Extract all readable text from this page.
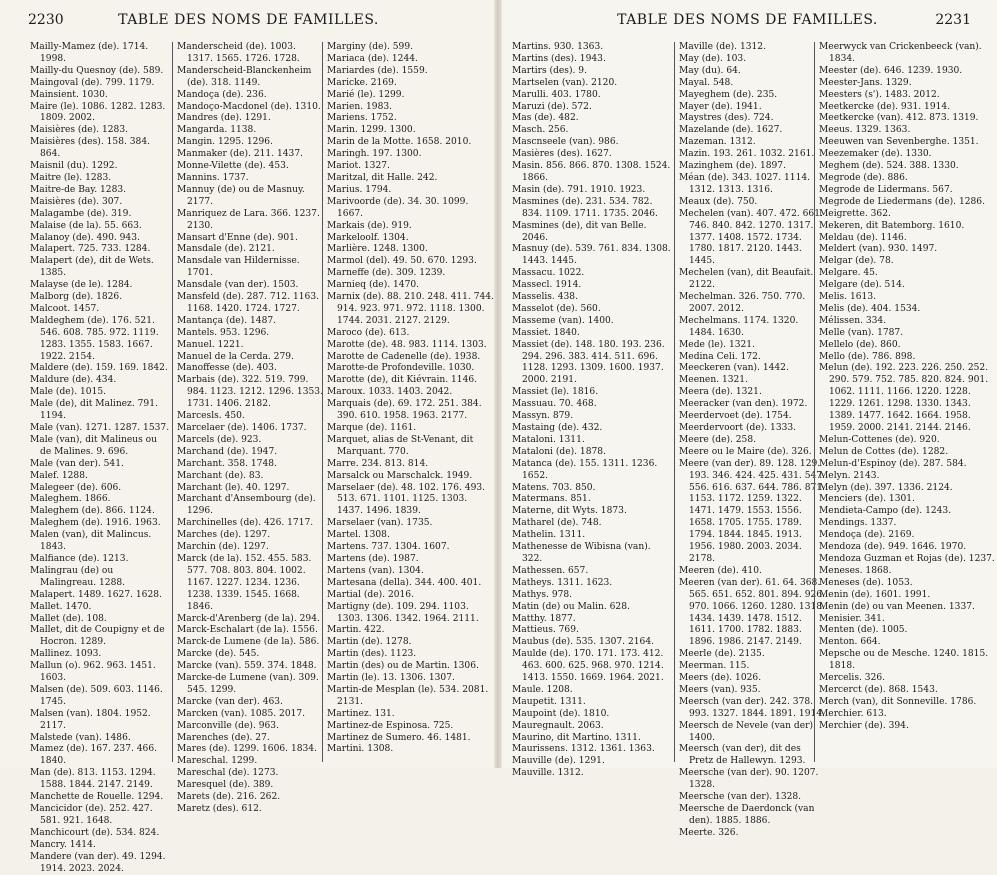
2230	TABLE DES NOMS DE FAMILLES.
Mailly-Mamez (de). 1714. 1998.
Mailly-du Quesnoy (de). 589.
Maingoval (de). 799. 1179.
Mainsient. 1030.
Maire (le). 1086. 1282. 1283. 1809. 2002.
Maisières (de). 1283.
Maisières (des). 158. 384. 864.
Maisnil (du). 1292.
Maitre (le). 1283.
Maitre-de Bay. 1283.
Maisières (de). 307.
Malagambe (de). 319.
Malaise (de la). 55. 663.
Malanoy (de). 490. 943.
Malapert. 725. 733. 1284.
Malapert (de), dit de Wets. 1385.
Malayse (de le). 1284.
Malborg (de). 1826.
Malcoot. 1457.
Maldeghem (de). 176. 521. 546. 608. 785. 972. 1119. 1283. 1355. 1583. 1667. 1922. 2154.
Maldere (de). 159. 169. 1842.
Maldure (de). 434.
Male (de). 1015.
Male (de), dit Malinez. 791. 1194.
Male (van). 1271. 1287. 1537.
Male (van), dit Malineus ou de Malines. 9. 696.
Male (van der). 541.
Malef. 1288.
Malegeer (de). 606.
Maleghem. 1866.
Maleghem (de). 866. 1124.
Maleghem (de). 1916. 1963.
Malen (van), dit Malincus. 1843.
Malfiance (de). 1213.
Malingrau (de) ou Malingreau. 1288.
Malapert. 1489. 1627. 1628.
Mallet. 1470.
Mallet (de). 108.
Mallet, dit de Coupigny et de Hocron. 1289.
Mallinez. 1093.
Mallun (o). 962. 963. 1451. 1603.
Malsen (de). 509. 603. 1146. 1745.
Malsen (van). 1804. 1952. 2117.
Malstede (van). 1486.
Mamez (de). 167. 237. 466. 1840.
Man (de). 813. 1153. 1294. 1588. 1844. 2147. 2149.
Manchette de Rouelle. 1294.
Mancicidor (de). 252. 427. 581. 921. 1648.
Manchicourt (de). 534. 824.
Mancry. 1414.
Mandere (van der). 49. 1294. 1914. 2023. 2024.
Manderscheid (de). 1003. 1317. 1565. 1726. 1728.
Manderscheid-Blanckenheim (de). 318. 1149.
Mandoça (de). 236.
Mandoço-Macdonel (de). 1310.
Mandres (de). 1291.
Mangarda. 1138.
Mangin. 1295. 1296.
Manmaker (de). 211. 1437.
Monne-Vilette (de). 453.
Mannins. 1737.
Mannuy (de) ou de Masnuy. 2177.
Manriquez de Lara. 366. 1237. 2130.
Mansart d'Enne (de). 901.
Mansdale (de). 2121.
Mansdale van Hildernisse. 1701.
Mansdale (van der). 1503.
Mansfeld (de). 287. 712. 1163. 1168. 1420. 1724. 1727.
Mantança (de). 1487.
Mantels. 953. 1296.
Manuel. 1221.
Manuel de la Cerda. 279.
Manoffesse (de). 403.
Marbais (de). 322. 519. 799. 984. 1123. 1212. 1296. 1353. 1731. 1406. 2182.
Marcesls. 450.
Marcelaer (de). 1406. 1737.
Marcels (de). 923.
Marchand (de). 1947.
Marchant. 358. 1748.
Marchant (de). 83.
Marchant (le). 40. 1297.
Marchant d'Ansembourg (de). 1296.
Marchinelles (de). 426. 1717.
Marches (de). 1297.
Marchin (de). 1297.
Marck (de la). 152. 455. 583. 577. 708. 803. 804. 1002. 1167. 1227. 1234. 1236. 1238. 1339. 1545. 1668. 1846.
Marck-d'Arenberg (de la). 294.
Marck-Eschalart (de la). 1556.
Marck-de Lumene (de la). 586.
Marcke (de). 545.
Marcke (van). 559. 374. 1848.
Marcke-de Lumene (van). 309. 545. 1299.
Marcke (van der). 463.
Marcken (van). 1085. 2017.
Marconville (de). 963.
Marenches (de). 27.
Mares (de). 1299. 1606. 1834.
Mareschal. 1299.
Mareschal (de). 1273.
Maresquel (de). 389.
Marets (de). 216. 262.
Maretz (des). 612.
Marginy (de). 599.
Mariaca (de). 1244.
Mariardes (de). 1559.
Maricke. 2169.
Marié (le). 1299.
Marien. 1983.
Mariens. 1752.
Marin. 1299. 1300.
Marin de la Motte. 1658. 2010.
Maringh. 197. 1300.
Mariot. 1327.
Maritzal, dit Halle. 242.
Marius. 1794.
Marivoorde (de). 34. 30. 1099. 1667.
Markais (de). 919.
Markeloolf. 1304.
Marlière. 1248. 1300.
Marmol (del). 49. 50. 670. 1293.
Marneffe (de). 309. 1239.
Marnieq (de). 1470.
Marnix (de). 88. 210. 248. 411. 744. 914. 923. 971. 972. 1118. 1300. 1744. 2031. 2127. 2129.
Maroco (de). 613.
Marotte (de). 48. 983. 1114. 1303.
Marotte de Cadenelle (de). 1938.
Marotte-de Profondeville. 1030.
Marotte (de), dit Kiévrain. 1146.
Maroux. 1033. 1403. 2042.
Marquais (de). 69. 172. 251. 384. 390. 610. 1958. 1963. 2177.
Marque (de). 1161.
Marquet, alias de St-Venant, dit Marquant. 770.
Marre. 234. 813. 814.
Marsalck ou Marschalck. 1949.
Marselaer (de). 48. 102. 176. 493. 513. 671. 1101. 1125. 1303. 1437. 1496. 1839.
Marselaer (van). 1735.
Martel. 1308.
Martens. 737. 1304. 1607.
Martens (de). 1987.
Martens (van). 1304.
Martesana (della). 344. 400. 401.
Martial (de). 2016.
Martigny (de). 109. 294. 1103. 1303. 1306. 1342. 1964. 2111.
Martin. 422.
Martin (de). 1278.
Martin (des). 1123.
Martin (des) ou de Martin. 1306.
Martin (le). 13. 1306. 1307.
Martin-de Mesplan (le). 534. 2081. 2131.
Martinez. 131.
Martinez-de Espinosa. 725.
Martinez de Sumero. 46. 1481.
Martini. 1308.
TABLE DES NOMS DE FAMILLES.	2231
Martins. 930. 1363.
Martins (des). 1943.
Martirs (des). 9.
Martselen (van). 2120.
Marulli. 403. 1780.
Maruzi (de). 572.
Mas (de). 482.
Masch. 256.
Mascnseele (van). 986.
Masières (des). 1627.
Masin. 856. 866. 870. 1308. 1524. 1866.
Masin (de). 791. 1910. 1923.
Masmines (de). 231. 534. 782. 834. 1109. 1711. 1735. 2046.
Masmines (de), dit van Belle. 2046.
Masnuy (de). 539. 761. 834. 1308. 1443. 1445.
Massacu. 1022.
Massecl. 1914.
Masselis. 438.
Masselot (de). 560.
Masseme (van). 1400.
Massiet. 1840.
Massiet (de). 148. 180. 193. 236. 294. 296. 383. 414. 511. 696. 1128. 1293. 1309. 1600. 1937. 2000. 2191.
Massiet (le). 1816.
Massuau. 70. 468.
Massyn. 879.
Mastaing (de). 432.
Mataloni. 1311.
Mataloni (de). 1878.
Matanca (de). 155. 1311. 1236. 1652.
Matens. 703. 850.
Matermans. 851.
Materne, dit Wyts. 1873.
Matharel (de). 748.
Mathelin. 1311.
Mathenesse de Wibisna (van). 322.
Mathessen. 657.
Matheys. 1311. 1623.
Mathys. 978.
Matin (de) ou Malin. 628.
Matthy. 1877.
Mattieus. 769.
Maubus (de). 535. 1307. 2164.
Maulde (de). 170. 171. 173. 412. 463. 600. 625. 968. 970. 1214. 1413. 1550. 1669. 1964. 2021.
Maule. 1208.
Maupetit. 1311.
Maupoint (de). 1810.
Mauregnault. 2063.
Maurino, dit Martino. 1311.
Maurissens. 1312. 1361. 1363.
Mauville (de). 1291.
Mauville. 1312.
Maville (de). 1312.
May (de). 103.
May (du). 64.
Mayal. 548.
Mayeghem (de). 235.
Mayer (de). 1941.
Maystres (des). 724.
Mazelande (de). 1627.
Mazeman. 1312.
Mazin. 193. 261. 1032. 2161.
Mazinghem (de). 1897.
Méan (de). 343. 1027. 1114. 1312. 1313. 1316.
Meaux (de). 750.
Mechelen (van). 407. 472. 661. 746. 840. 842. 1270. 1317. 1377. 1408. 1572. 1734. 1780. 1817. 2120. 1443. 1445.
Mechelen (van), dit Beaufait. 2122.
Mechelman. 326. 750. 770. 2007. 2012.
Mechelmans. 1174. 1320. 1484. 1630.
Mede (le). 1321.
Medina Celi. 172.
Meeckeren (van). 1442.
Meenen. 1321.
Meera (de). 1321.
Meeracker (van den). 1972.
Meerdervoet (de). 1754.
Meerdervoort (de). 1333.
Meere (de). 258.
Meere ou le Maire (de). 326.
Meere (van der). 89. 128. 129. 193. 346. 424. 425. 431. 547. 556. 616. 637. 644. 786. 871. 1153. 1172. 1259. 1322. 1471. 1479. 1553. 1556. 1658. 1705. 1755. 1789. 1794. 1844. 1845. 1913. 1956. 1980. 2003. 2034. 2178.
Meeren (de). 410.
Meeren (van der). 61. 64. 368. 565. 651. 652. 801. 894. 926. 970. 1066. 1260. 1280. 1318. 1434. 1439. 1478. 1512. 1611. 1700. 1782. 1883. 1896. 1986. 2147. 2149.
Meerle (de). 2135.
Meerman. 115.
Meers (de). 1026.
Meers (van). 935.
Meersch (van der). 242. 378. 993. 1327. 1844. 1891. 1914.
Meersch de Nevele (van der). 1400.
Meersch (van der), dit des Pretz de Hallewyn. 1293.
Meersche (van der). 90. 1207. 1328.
Meersche (van der). 1328.
Meersche de Daerdonck (van den). 1885. 1886.
Meerte. 326.
Meerwyck van Crickenbeeck (van). 1834.
Meester (de). 646. 1239. 1930.
Meester-Jans. 1329.
Meesters (s'). 1483. 2012.
Meetkercke (de). 931. 1914.
Meetkercke (van). 412. 873. 1319.
Meeus. 1329. 1363.
Meeuwen van Sevenberghe. 1351.
Meezemaker (de). 1330.
Meghem (de). 524. 388. 1330.
Megrode (de). 886.
Megrode de Lidermans. 567.
Megrode de Liedermans (de). 1286.
Meigrette. 362.
Mekeren, dit Batemborg. 1610.
Meldau (de). 1146.
Meldert (van). 930. 1497.
Melgar (de). 78.
Melgare. 45.
Melgare (de). 514.
Melis. 1613.
Melis (de). 404. 1534.
Mélissen. 334.
Melle (van). 1787.
Mellelo (de). 860.
Mello (de). 786. 898.
Melun (de). 192. 223. 226. 250. 252. 290. 579. 752. 785. 820. 824. 901. 1062. 1111. 1166. 1220. 1228. 1229. 1261. 1298. 1330. 1343. 1389. 1477. 1642. 1664. 1958. 1959. 2000. 2141. 2144. 2146.
Melun-Cottenes (de). 920.
Melun de Cottes (de). 1282.
Melun-d'Espinoy (de). 287. 584.
Melyn. 2143.
Melyn (de). 397. 1336. 2124.
Menciers (de). 1301.
Mendieta-Campo (de). 1243.
Mendings. 1337.
Mendoça (de). 2169.
Mendoza (de). 949. 1646. 1970.
Mendoza Guzman et Rojas (de). 1237.
Meneses. 1868.
Meneses (de). 1053.
Menin (de). 1601. 1991.
Menin (de) ou van Meenen. 1337.
Menisier. 341.
Menten (de). 1005.
Menton. 664.
Mepsche ou de Mesche. 1240. 1815. 1818.
Mercelis. 326.
Mercerct (de). 868. 1543.
Merch (van), dit Sonneville. 1786.
Merchier. 613.
Merchier (de). 394.
